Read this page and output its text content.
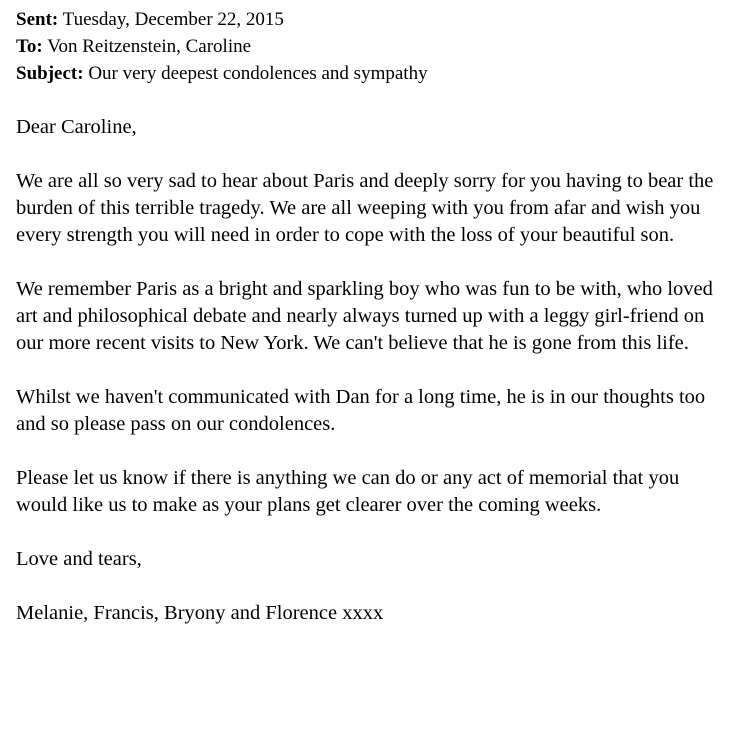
Sent: Tuesday, December 22, 2015
To: Von Reitzenstein, Caroline
Subject: Our very deepest condolences and sympathy

Dear Caroline,

We are all so very sad to hear about Paris and deeply sorry for you having to bear the burden of this terrible tragedy. We are all weeping with you from afar and wish you every strength you will need in order to cope with the loss of your beautiful son.

We remember Paris as a bright and sparkling boy who was fun to be with, who loved art and philosophical debate and nearly always turned up with a leggy girl-friend on our more recent visits to New York. We can't believe that he is gone from this life.

Whilst we haven't communicated with Dan for a long time, he is in our thoughts too and so please pass on our condolences.

Please let us know if there is anything we can do or any act of memorial that you would like us to make as your plans get clearer over the coming weeks.

Love and tears,

Melanie, Francis, Bryony and Florence xxxx
